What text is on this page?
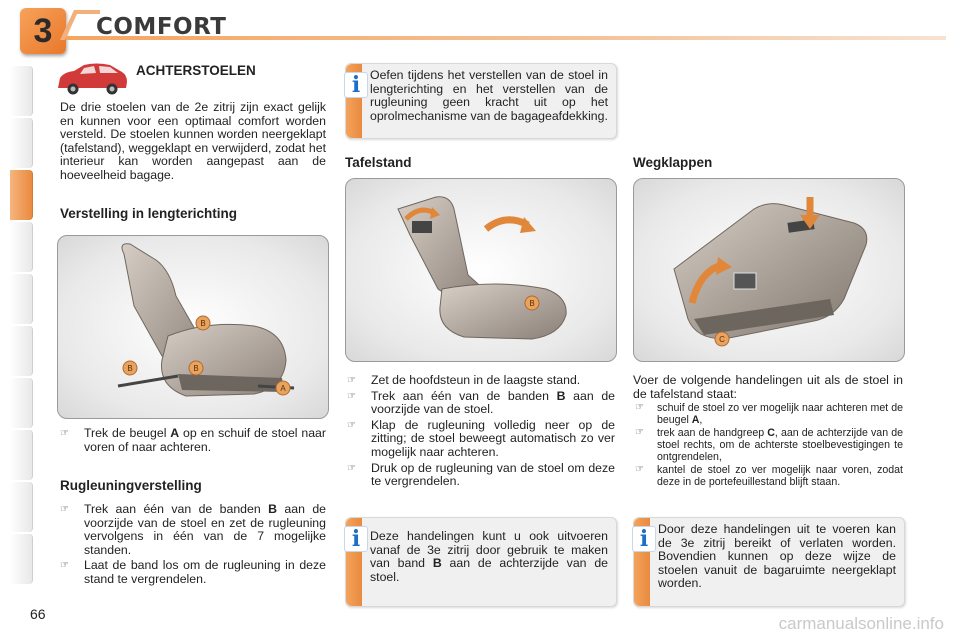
3	COMFORT
ACHTERSTOELEN
De drie stoelen van de 2e zitrij zijn exact gelijk en kunnen voor een optimaal comfort worden versteld. De stoelen kunnen worden neergeklapt (tafelstand), weggeklapt en verwijderd, zodat het interieur kan worden aangepast aan de hoeveelheid bagage.
Verstelling in lengterichting
B
B	B
A
☞ Trek de beugel A op en schuif de stoel naar voren of naar achteren.
Rugleuningverstelling
☞ Trek aan één van de banden B aan de voorzijde van de stoel en zet de rugleuning vervolgens in één van de 7 mogelijke standen.
☞ Laat de band los om de rugleuning in deze stand te vergrendelen.
i Oefen tijdens het verstellen van de stoel in lengterichting en het verstellen van de rugleuning geen kracht uit op het oprolmechanisme van de bagageafdekking.
Tafelstand
B
☞ Zet de hoofdsteun in de laagste stand.
☞ Trek aan één van de banden B aan de voorzijde van de stoel.
☞ Klap de rugleuning volledig neer op de zitting; de stoel beweegt automatisch zo ver mogelijk naar achteren.
☞ Druk op de rugleuning van de stoel om deze te vergrendelen.
i Deze handelingen kunt u ook uitvoeren vanaf de 3e zitrij door gebruik te maken van band B aan de achterzijde van de stoel.
Wegklappen
C
Voer de volgende handelingen uit als de stoel in de tafelstand staat:
☞ schuif de stoel zo ver mogelijk naar achteren met de beugel A,
☞ trek aan de handgreep C, aan de achterzijde van de stoel rechts, om de achterste stoelbevestigingen te ontgrendelen,
☞ kantel de stoel zo ver mogelijk naar voren, zodat deze in de portefeuillestand blijft staan.
i Door deze handelingen uit te voeren kan de 3e zitrij bereikt of verlaten worden. Bovendien kunnen op deze wijze de stoelen vanuit de bagaruimte neergeklapt worden.
66	carmanualsonline.info
